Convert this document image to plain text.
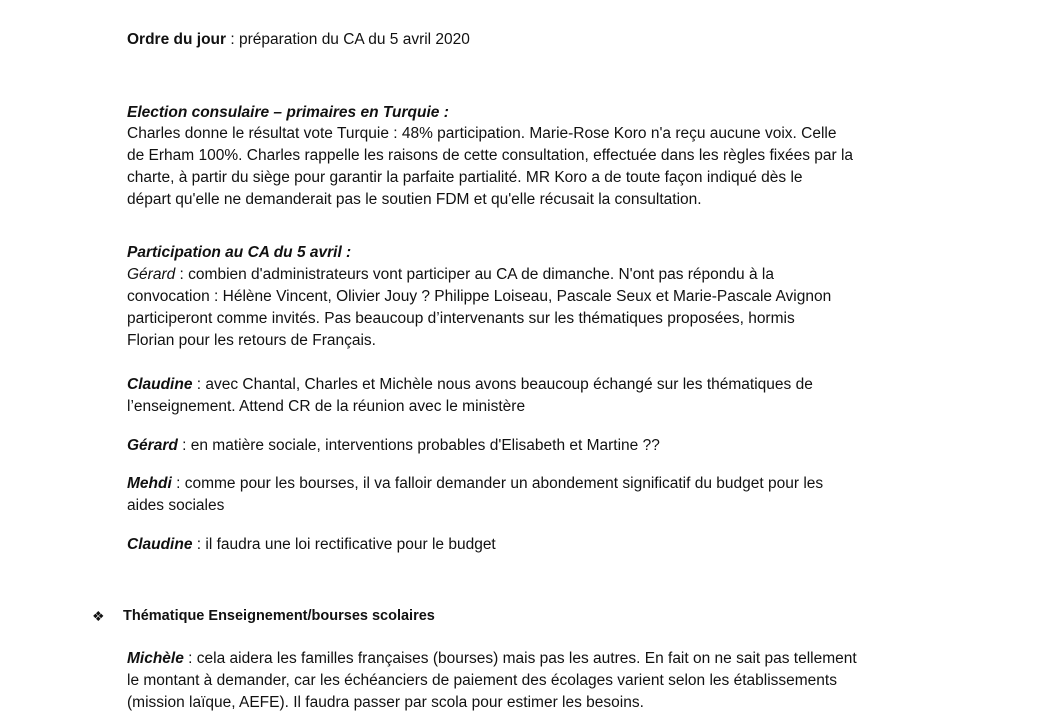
Ordre du jour : préparation du CA du 5 avril 2020
Election consulaire – primaires en Turquie :
Charles donne le résultat vote Turquie : 48% participation. Marie-Rose Koro n'a reçu aucune voix. Celle
de Erham 100%. Charles rappelle les raisons de cette consultation, effectuée dans les règles fixées par la
charte, à partir du siège pour garantir la parfaite partialité. MR Koro a de toute façon indiqué dès le
départ qu'elle ne demanderait pas le soutien FDM et qu'elle récusait la consultation.
Participation au CA du 5 avril :
Gérard : combien d'administrateurs vont participer au CA de dimanche. N'ont pas répondu à la
convocation : Hélène Vincent, Olivier Jouy ? Philippe Loiseau, Pascale Seux et Marie-Pascale Avignon
participeront comme invités. Pas beaucoup d’intervenants sur les thématiques proposées, hormis
Florian pour les retours de Français.
Claudine : avec Chantal, Charles et Michèle nous avons beaucoup échangé sur les thématiques de
l’enseignement. Attend CR de la réunion avec le ministère
Gérard : en matière sociale, interventions probables d'Elisabeth et Martine ??
Mehdi : comme pour les bourses, il va falloir demander un abondement significatif du budget pour les
aides sociales
Claudine : il faudra une loi rectificative pour le budget
❖ Thématique Enseignement/bourses scolaires
Michèle : cela aidera les familles françaises (bourses) mais pas les autres. En fait on ne sait pas tellement
le montant à demander, car les échéanciers de paiement des écolages varient selon les établissements
(mission laïque, AEFE). Il faudra passer par scola pour estimer les besoins.
